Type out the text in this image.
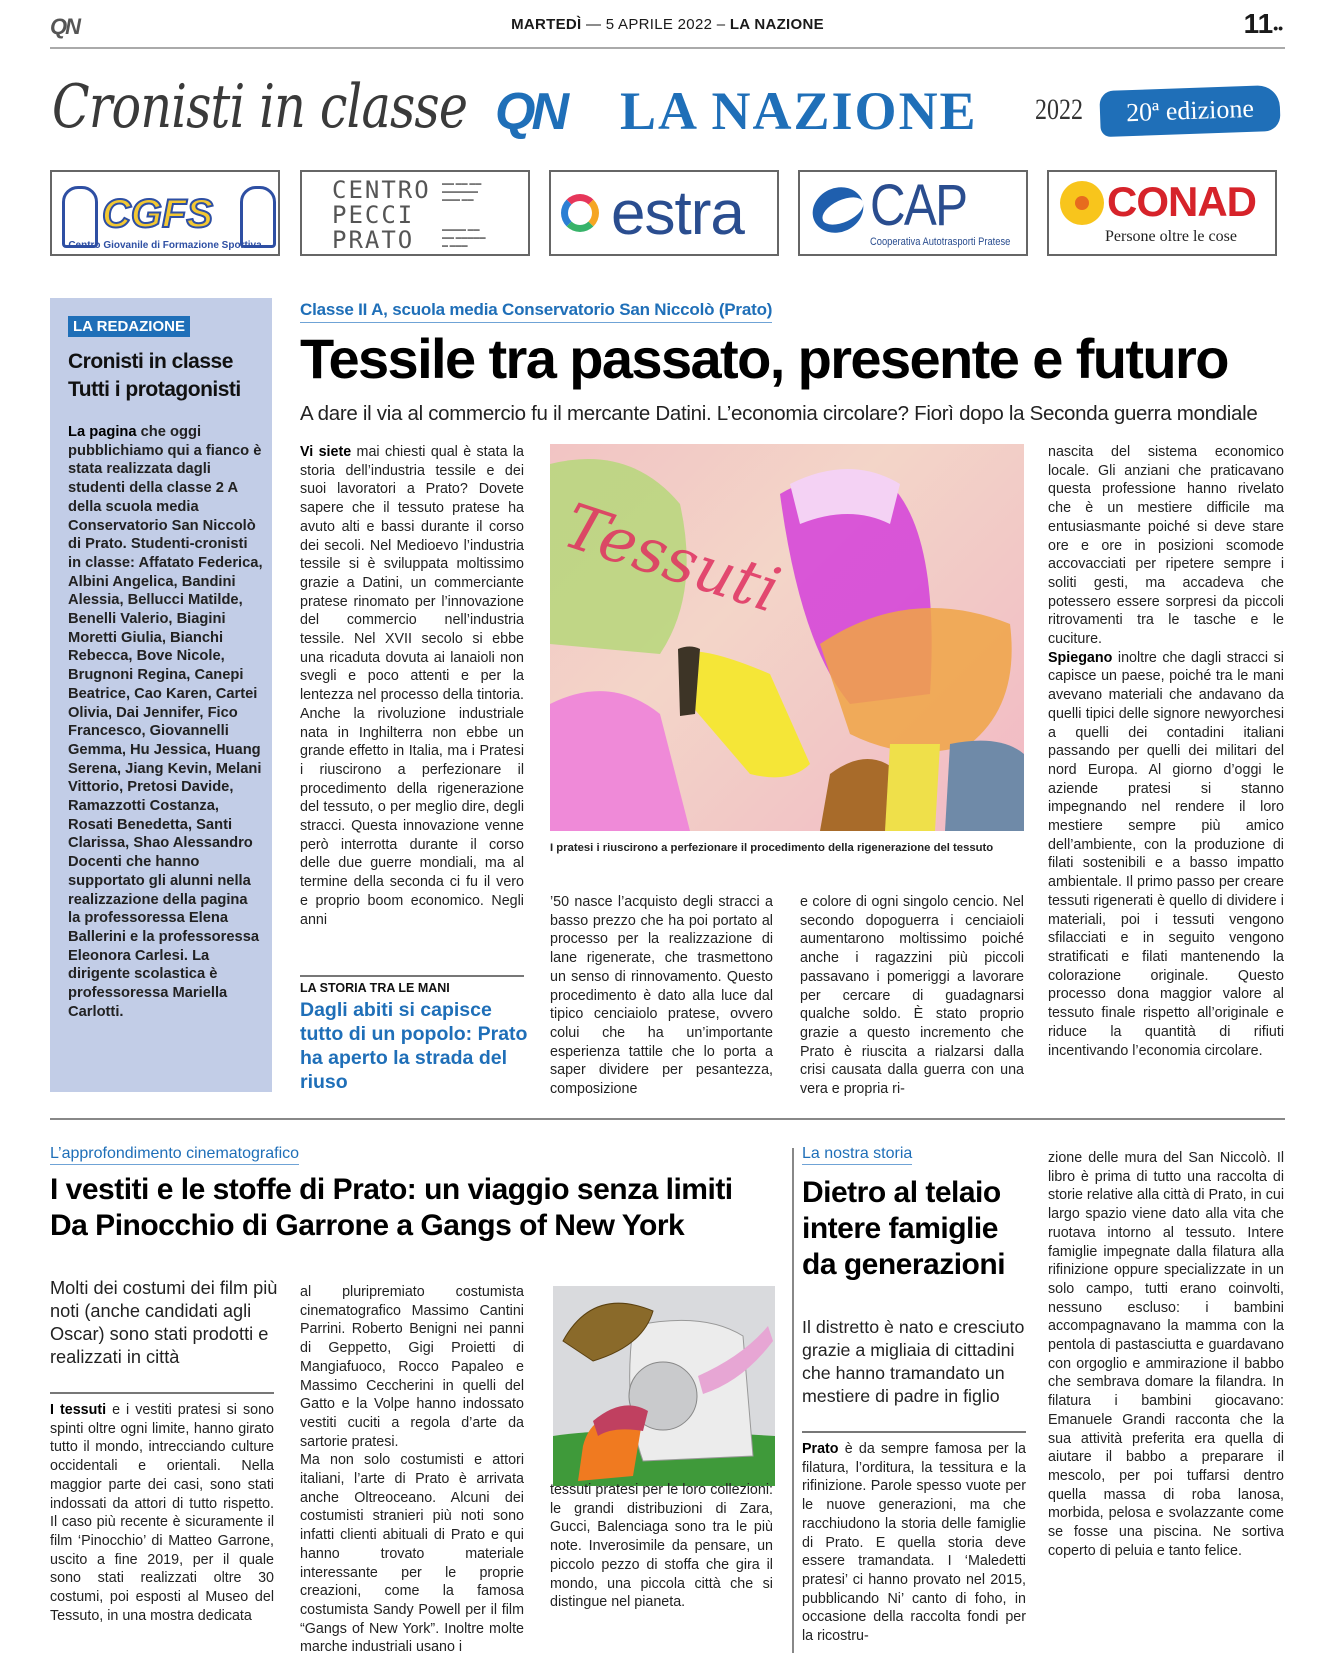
QN	MARTEDÌ — 5 APRILE 2022 – LA NAZIONE	11••
Cronisti in classe QN LA NAZIONE 2022	20ª edizione
CGFS
Centro Giovanile di Formazione Sportiva
CENTRO
PECCI
PRATO
▬▬ ▬▬ ▬▬
▬▬▬▬▬▬
▬▬▬ ▬▬
▬▬▬▬ ▬▬
▬▬ ▬▬▬▬▬
▬ ▬▬▬	estra CAP
Cooperativa Autotrasporti Pratese
CONAD
Persone oltre le cose
LA REDAZIONE
Cronisti in classe Tutti i protagonisti
La pagina che oggi pubblichiamo qui a fianco è stata realizzata dagli studenti della classe 2 A della scuola media Conservatorio San Niccolò di Prato. Studenti-cronisti in classe: Affatato Federica, Albini Angelica, Bandini Alessia, Bellucci Matilde, Benelli Valerio, Biagini Moretti Giulia, Bianchi Rebecca, Bove Nicole, Brugnoni Regina, Canepi Beatrice, Cao Karen, Cartei Olivia, Dai Jennifer, Fico Francesco, Giovannelli Gemma, Hu Jessica, Huang Serena, Jiang Kevin, Melani Vittorio, Pretosi Davide, Ramazzotti Costanza, Rosati Benedetta, Santi Clarissa, Shao Alessandro Docenti che hanno supportato gli alunni nella realizzazione della pagina la professoressa Elena Ballerini e la professoressa Eleonora Carlesi. La dirigente scolastica è professoressa Mariella Carlotti.
Classe II A, scuola media Conservatorio San Niccolò (Prato)
Tessile tra passato, presente e futuro
A dare il via al commercio fu il mercante Datini. L’economia circolare? Fiorì dopo la Seconda guerra mondiale
Vi siete mai chiesti qual è stata la storia dell’industria tessile e dei suoi lavoratori a Prato? Dovete sapere che il tessuto pratese ha avuto alti e bassi durante il corso dei secoli. Nel Medioevo l’industria tessile si è sviluppata moltissimo grazie a Datini, un commerciante pratese rinomato per l’innovazione del commercio nell’industria tessile. Nel XVII secolo si ebbe una ricaduta dovuta ai lanaioli non svegli e poco attenti e per la lentezza nel processo della tintoria. Anche la rivoluzione industriale nata in Inghilterra non ebbe un grande effetto in Italia, ma i Pratesi i riuscirono a perfezionare il procedimento della rigenerazione del tessuto, o per meglio dire, degli stracci. Questa innovazione venne però interrotta durante il corso delle due guerre mondiali, ma al termine della seconda ci fu il vero e proprio boom economico. Negli anni
Tessuti
I pratesi i riuscirono a perfezionare il procedimento della rigenerazione del tessuto
’50 nasce l’acquisto degli stracci a basso prezzo che ha poi portato al processo per la realizzazione di lane rigenerate, che trasmettono un senso di rinnovamento. Questo procedimento è dato alla luce dal tipico cenciaiolo pratese, ovvero colui che ha un’importante esperienza tattile che lo porta a saper dividere per pesantezza, composizione
e colore di ogni singolo cencio. Nel secondo dopoguerra i cenciaioli aumentarono moltissimo poiché anche i ragazzini più piccoli passavano i pomeriggi a lavorare per cercare di guadagnarsi qualche soldo. È stato proprio grazie a questo incremento che Prato è riuscita a rialzarsi dalla crisi causata dalla guerra con una vera e propria ri-
nascita del sistema economico locale. Gli anziani che praticavano questa professione hanno rivelato che è un mestiere difficile ma entusiasmante poiché si deve stare ore e ore in posizioni scomode accovacciati per ripetere sempre i soliti gesti, ma accadeva che potessero essere sorpresi da piccoli ritrovamenti tra le tasche e le cuciture.
Spiegano inoltre che dagli stracci si capisce un paese, poiché tra le mani avevano materiali che andavano da quelli tipici delle signore newyorchesi a quelli dei contadini italiani passando per quelli dei militari del nord Europa. Al giorno d’oggi le aziende pratesi si stanno impegnando nel rendere il loro mestiere sempre più amico dell’ambiente, con la produzione di filati sostenibili e a basso impatto ambientale. Il primo passo per creare tessuti rigenerati è quello di dividere i materiali, poi i tessuti vengono sfilacciati e in seguito vengono stratificati e filati mantenendo la colorazione originale. Questo processo dona maggior valore al tessuto finale rispetto all’originale e riduce la quantità di rifiuti incentivando l’economia circolare.
LA STORIA TRA LE MANI
Dagli abiti si capisce tutto di un popolo: Prato ha aperto la strada del riuso
L’approfondimento cinematografico
I vestiti e le stoffe di Prato: un viaggio senza limiti
Da Pinocchio di Garrone a Gangs of New York
Molti dei costumi dei film più noti (anche candidati agli Oscar) sono stati prodotti e realizzati in città
I tessuti e i vestiti pratesi si sono spinti oltre ogni limite, hanno girato tutto il mondo, intrecciando culture occidentali e orientali. Nella maggior parte dei casi, sono stati indossati da attori di tutto rispetto. Il caso più recente è sicuramente il film ‘Pinocchio’ di Matteo Garrone, uscito a fine 2019, per il quale sono stati realizzati oltre 30 costumi, poi esposti al Museo del Tessuto, in una mostra dedicata
al pluripremiato costumista cinematografico Massimo Cantini Parrini. Roberto Benigni nei panni di Geppetto, Gigi Proietti di Mangiafuoco, Rocco Papaleo e Massimo Ceccherini in quelli del Gatto e la Volpe hanno indossato vestiti cuciti a regola d’arte da sartorie pratesi.
Ma non solo costumisti e attori italiani, l’arte di Prato è arrivata anche Oltreoceano. Alcuni dei costumisti stranieri più noti sono infatti clienti abituali di Prato e qui hanno trovato materiale interessante per le proprie creazioni, come la famosa costumista Sandy Powell per il film “Gangs of New York”. Inoltre molte marche industriali usano i
tessuti pratesi per le loro collezioni: le grandi distribuzioni di Zara, Gucci, Balenciaga sono tra le più note. Inverosimile da pensare, un piccolo pezzo di stoffa che gira il mondo, una piccola città che si distingue nel pianeta.
La nostra storia
Dietro al telaio intere famiglie da generazioni
Il distretto è nato e cresciuto grazie a migliaia di cittadini che hanno tramandato un mestiere di padre in figlio
Prato è da sempre famosa per la filatura, l’orditura, la tessitura e la rifinizione. Parole spesso vuote per le nuove generazioni, ma che racchiudono la storia delle famiglie di Prato. E quella storia deve essere tramandata. I ‘Maledetti pratesi’ ci hanno provato nel 2015, pubblicando Ni’ canto di foho, in occasione della raccolta fondi per la ricostru-
zione delle mura del San Niccolò. Il libro è prima di tutto una raccolta di storie relative alla città di Prato, in cui largo spazio viene dato alla vita che ruotava intorno al tessuto. Intere famiglie impegnate dalla filatura alla rifinizione oppure specializzate in un solo campo, tutti erano coinvolti, nessuno escluso: i bambini accompagnavano la mamma con la pentola di pastasciutta e guardavano con orgoglio e ammirazione il babbo che sembrava domare la filandra. In filatura i bambini giocavano: Emanuele Grandi racconta che la sua attività preferita era quella di aiutare il babbo a preparare il mescolo, per poi tuffarsi dentro quella massa di roba lanosa, morbida, pelosa e svolazzante come se fosse una piscina. Ne sortiva coperto di peluia e tanto felice.
